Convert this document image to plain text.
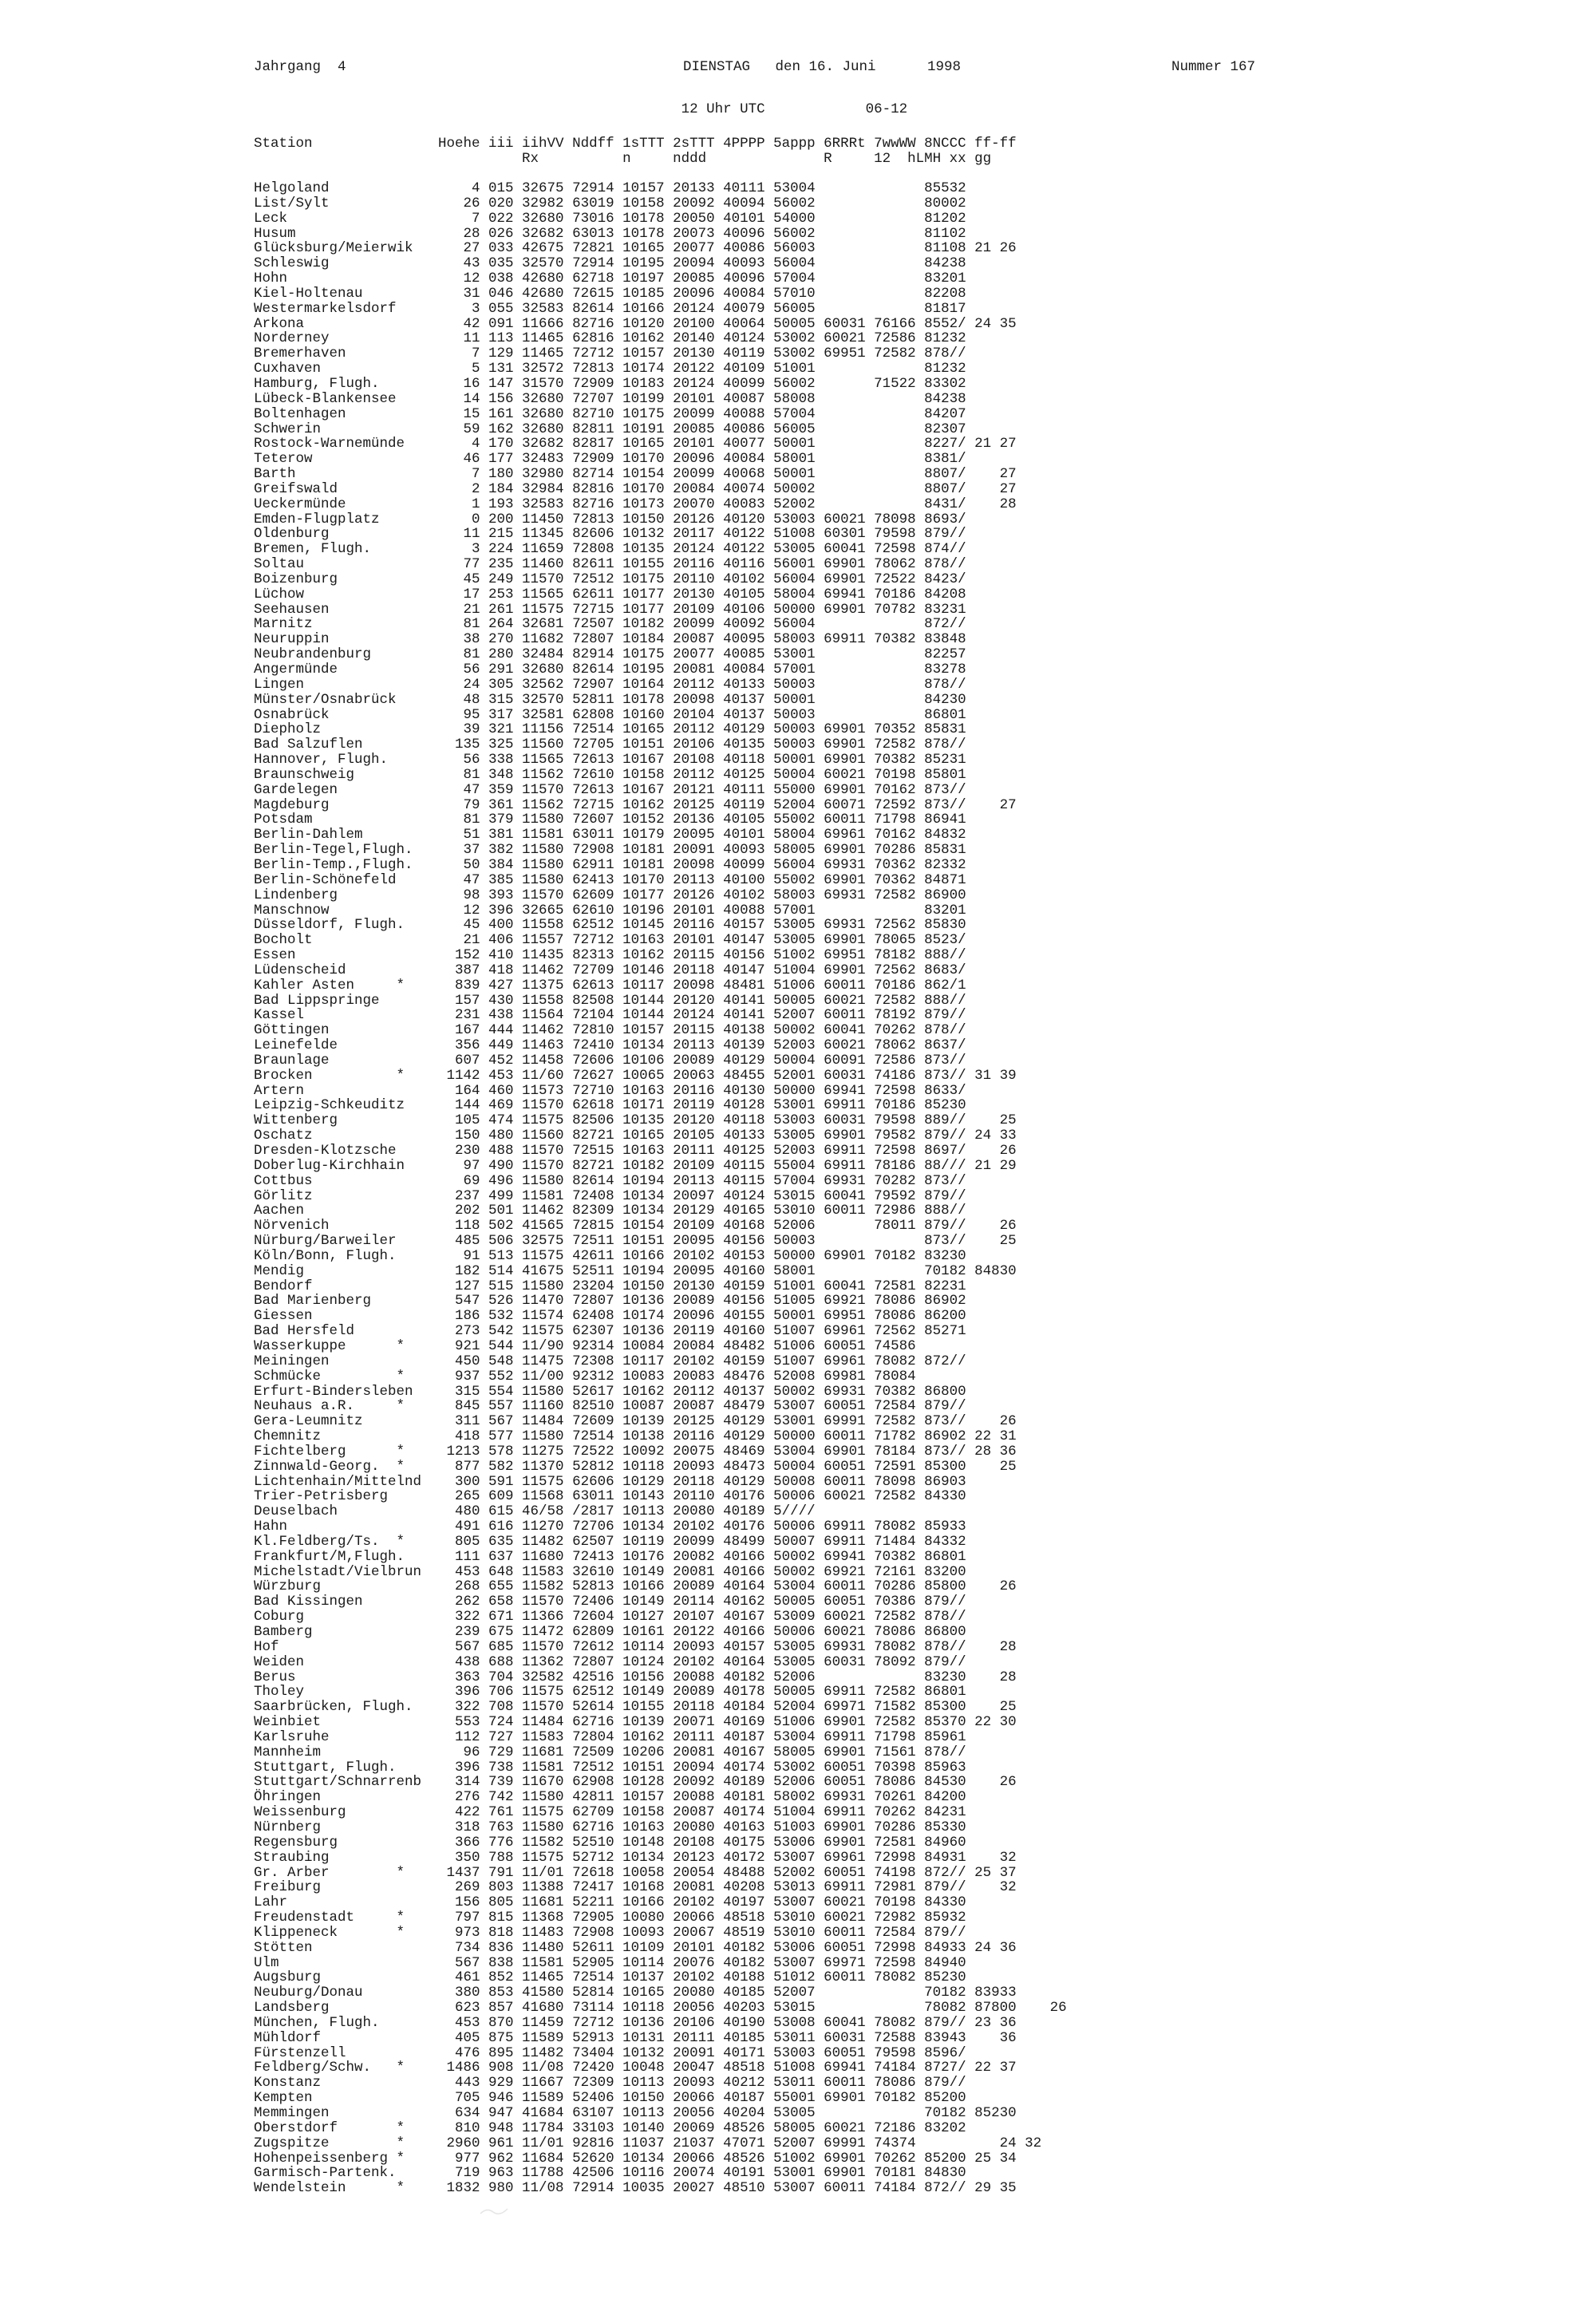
Jahrgang  4	DIENSTAG   den 16. Juni	1998	Nummer 167
12 Uhr UTC            06-12
Station               Hoehe iii iihVV Nddff 1sTTT 2sTTT 4PPPP 5appp 6RRRt 7wwWW 8NCCC ff-ff
Rx          n     nddd              R     12  hLMH xx gg
Helgoland                 4 015 32675 72914 10157 20133 40111 53004             85532
List/Sylt                26 020 32982 63019 10158 20092 40094 56002             80002
Leck                      7 022 32680 73016 10178 20050 40101 54000             81202
Husum                    28 026 32682 63013 10178 20073 40096 56002             81102
Glücksburg/Meierwik      27 033 42675 72821 10165 20077 40086 56003             81108 21 26
Schleswig                43 035 32570 72914 10195 20094 40093 56004             84238
Hohn                     12 038 42680 62718 10197 20085 40096 57004             83201
Kiel-Holtenau            31 046 42680 72615 10185 20096 40084 57010             82208
Westermarkelsdorf         3 055 32583 82614 10166 20124 40079 56005             81817
Arkona                   42 091 11666 82716 10120 20100 40064 50005 60031 76166 8552/ 24 35
Norderney                11 113 11465 62816 10162 20140 40124 53002 60021 72586 81232
Bremerhaven               7 129 11465 72712 10157 20130 40119 53002 69951 72582 878//
Cuxhaven                  5 131 32572 72813 10174 20122 40109 51001             81232
Hamburg, Flugh.          16 147 31570 72909 10183 20124 40099 56002       71522 83302
Lübeck-Blankensee        14 156 32680 72707 10199 20101 40087 58008             84238
Boltenhagen              15 161 32680 82710 10175 20099 40088 57004             84207
Schwerin                 59 162 32680 82811 10191 20085 40086 56005             82307
Rostock-Warnemünde        4 170 32682 82817 10165 20101 40077 50001             8227/ 21 27
Teterow                  46 177 32483 72909 10170 20096 40084 58001             8381/
Barth                     7 180 32980 82714 10154 20099 40068 50001             8807/    27
Greifswald                2 184 32984 82816 10170 20084 40074 50002             8807/    27
Ueckermünde               1 193 32583 82716 10173 20070 40083 52002             8431/    28
Emden-Flugplatz           0 200 11450 72813 10150 20126 40120 53003 60021 78098 8693/
Oldenburg                11 215 11345 82606 10132 20117 40122 51008 60301 79598 879//
Bremen, Flugh.            3 224 11659 72808 10135 20124 40122 53005 60041 72598 874//
Soltau                   77 235 11460 82611 10155 20116 40116 56001 69901 78062 878//
Boizenburg               45 249 11570 72512 10175 20110 40102 56004 69901 72522 8423/
Lüchow                   17 253 11565 62611 10177 20130 40105 58004 69941 70186 84208
Seehausen                21 261 11575 72715 10177 20109 40106 50000 69901 70782 83231
Marnitz                  81 264 32681 72507 10182 20099 40092 56004             872//
Neuruppin                38 270 11682 72807 10184 20087 40095 58003 69911 70382 83848
Neubrandenburg           81 280 32484 82914 10175 20077 40085 53001             82257
Angermünde               56 291 32680 82614 10195 20081 40084 57001             83278
Lingen                   24 305 32562 72907 10164 20112 40133 50003             878//
Münster/Osnabrück        48 315 32570 52811 10178 20098 40137 50001             84230
Osnabrück                95 317 32581 62808 10160 20104 40137 50003             86801
Diepholz                 39 321 11156 72514 10165 20112 40129 50003 69901 70352 85831
Bad Salzuflen           135 325 11560 72705 10151 20106 40135 50003 69901 72582 878//
Hannover, Flugh.         56 338 11565 72613 10167 20108 40118 50001 69901 70382 85231
Braunschweig             81 348 11562 72610 10158 20112 40125 50004 60021 70198 85801
Gardelegen               47 359 11570 72613 10167 20121 40111 55000 69901 70162 873//
Magdeburg                79 361 11562 72715 10162 20125 40119 52004 60071 72592 873//    27
Potsdam                  81 379 11580 72607 10152 20136 40105 55002 60011 71798 86941
Berlin-Dahlem            51 381 11581 63011 10179 20095 40101 58004 69961 70162 84832
Berlin-Tegel,Flugh.      37 382 11580 72908 10181 20091 40093 58005 69901 70286 85831
Berlin-Temp.,Flugh.      50 384 11580 62911 10181 20098 40099 56004 69931 70362 82332
Berlin-Schönefeld        47 385 11580 62413 10170 20113 40100 55002 69901 70362 84871
Lindenberg               98 393 11570 62609 10177 20126 40102 58003 69931 72582 86900
Manschnow                12 396 32665 62610 10196 20101 40088 57001             83201
Düsseldorf, Flugh.       45 400 11558 62512 10145 20116 40157 53005 69931 72562 85830
Bocholt                  21 406 11557 72712 10163 20101 40147 53005 69901 78065 8523/
Essen                   152 410 11435 82313 10162 20115 40156 51002 69951 78182 888//
Lüdenscheid             387 418 11462 72709 10146 20118 40147 51004 69901 72562 8683/
Kahler Asten     *      839 427 11375 62613 10117 20098 48481 51006 60011 70186 862/1
Bad Lippspringe         157 430 11558 82508 10144 20120 40141 50005 60021 72582 888//
Kassel                  231 438 11564 72104 10144 20124 40141 52007 60011 78192 879//
Göttingen               167 444 11462 72810 10157 20115 40138 50002 60041 70262 878//
Leinefelde              356 449 11463 72410 10134 20113 40139 52003 60021 78062 8637/
Braunlage               607 452 11458 72606 10106 20089 40129 50004 60091 72586 873//
Brocken          *     1142 453 11/60 72627 10065 20063 48455 52001 60031 74186 873// 31 39
Artern                  164 460 11573 72710 10163 20116 40130 50000 69941 72598 8633/
Leipzig-Schkeuditz      144 469 11570 62618 10171 20119 40128 53001 69911 70186 85230
Wittenberg              105 474 11575 82506 10135 20120 40118 53003 60031 79598 889//    25
Oschatz                 150 480 11560 82721 10165 20105 40133 53005 69901 79582 879// 24 33
Dresden-Klotzsche       230 488 11570 72515 10163 20111 40125 52003 69911 72598 8697/    26
Doberlug-Kirchhain       97 490 11570 82721 10182 20109 40115 55004 69911 78186 88/// 21 29
Cottbus                  69 496 11580 82614 10194 20113 40115 57004 69931 70282 873//
Görlitz                 237 499 11581 72408 10134 20097 40124 53015 60041 79592 879//
Aachen                  202 501 11462 82309 10134 20129 40165 53010 60011 72986 888//
Nörvenich               118 502 41565 72815 10154 20109 40168 52006       78011 879//    26
Nürburg/Barweiler       485 506 32575 72511 10151 20095 40156 50003             873//    25
Köln/Bonn, Flugh.        91 513 11575 42611 10166 20102 40153 50000 69901 70182 83230
Mendig                  182 514 41675 52511 10194 20095 40160 58001             70182 84830
Bendorf                 127 515 11580 23204 10150 20130 40159 51001 60041 72581 82231
Bad Marienberg          547 526 11470 72807 10136 20089 40156 51005 69921 78086 86902
Giessen                 186 532 11574 62408 10174 20096 40155 50001 69951 78086 86200
Bad Hersfeld            273 542 11575 62307 10136 20119 40160 51007 69961 72562 85271
Wasserkuppe      *      921 544 11/90 92314 10084 20084 48482 51006 60051 74586
Meiningen               450 548 11475 72308 10117 20102 40159 51007 69961 78082 872//
Schmücke         *      937 552 11/00 92312 10083 20083 48476 52008 69981 78084
Erfurt-Bindersleben     315 554 11580 52617 10162 20112 40137 50002 69931 70382 86800
Neuhaus a.R.     *      845 557 11160 82510 10087 20087 48479 53007 60051 72584 879//
Gera-Leumnitz           311 567 11484 72609 10139 20125 40129 53001 69991 72582 873//    26
Chemnitz                418 577 11580 72514 10138 20116 40129 50000 60011 71782 86902 22 31
Fichtelberg      *     1213 578 11275 72522 10092 20075 48469 53004 69901 78184 873// 28 36
Zinnwald-Georg.  *      877 582 11370 52812 10118 20093 48473 50004 60051 72591 85300    25
Lichtenhain/Mittelnd    300 591 11575 62606 10129 20118 40129 50008 60011 78098 86903
Trier-Petrisberg        265 609 11568 63011 10143 20110 40176 50006 60021 72582 84330
Deuselbach              480 615 46/58 /2817 10113 20080 40189 5////
Hahn                    491 616 11270 72706 10134 20102 40176 50006 69911 78082 85933
Kl.Feldberg/Ts.  *      805 635 11482 62507 10119 20099 48499 50007 69911 71484 84332
Frankfurt/M,Flugh.      111 637 11680 72413 10176 20082 40166 50002 69941 70382 86801
Michelstadt/Vielbrun    453 648 11583 32610 10149 20081 40166 50002 69921 72161 83200
Würzburg                268 655 11582 52813 10166 20089 40164 53004 60011 70286 85800    26
Bad Kissingen           262 658 11570 72406 10149 20114 40162 50005 60051 70386 879//
Coburg                  322 671 11366 72604 10127 20107 40167 53009 60021 72582 878//
Bamberg                 239 675 11472 62809 10161 20122 40166 50006 60021 78086 86800
Hof                     567 685 11570 72612 10114 20093 40157 53005 69931 78082 878//    28
Weiden                  438 688 11362 72807 10124 20102 40164 53005 60031 78092 879//
Berus                   363 704 32582 42516 10156 20088 40182 52006             83230    28
Tholey                  396 706 11575 62512 10149 20089 40178 50005 69911 72582 86801
Saarbrücken, Flugh.     322 708 11570 52614 10155 20118 40184 52004 69971 71582 85300    25
Weinbiet                553 724 11484 62716 10139 20071 40169 51006 69901 72582 85370 22 30
Karlsruhe               112 727 11583 72804 10162 20111 40187 53004 69911 71798 85961
Mannheim                 96 729 11681 72509 10206 20081 40167 58005 69901 71561 878//
Stuttgart, Flugh.       396 738 11581 72512 10151 20094 40174 53002 60051 70398 85963
Stuttgart/Schnarrenb    314 739 11670 62908 10128 20092 40189 52006 60051 78086 84530    26
Öhringen                276 742 11580 42811 10157 20088 40181 58002 69931 70261 84200
Weissenburg             422 761 11575 62709 10158 20087 40174 51004 69911 70262 84231
Nürnberg                318 763 11580 62716 10163 20080 40163 51003 69901 70286 85330
Regensburg              366 776 11582 52510 10148 20108 40175 53006 69901 72581 84960
Straubing               350 788 11575 52712 10134 20123 40172 53007 69961 72998 84931    32
Gr. Arber        *     1437 791 11/01 72618 10058 20054 48488 52002 60051 74198 872// 25 37
Freiburg                269 803 11388 72417 10168 20081 40208 53013 69911 72981 879//    32
Lahr                    156 805 11681 52211 10166 20102 40197 53007 60021 70198 84330
Freudenstadt     *      797 815 11368 72905 10080 20066 48518 53010 60021 72982 85932
Klippeneck       *      973 818 11483 72908 10093 20067 48519 53010 60011 72584 879//
Stötten                 734 836 11480 52611 10109 20101 40182 53006 60051 72998 84933 24 36
Ulm                     567 838 11581 52905 10114 20076 40182 53007 69971 72598 84940
Augsburg                461 852 11465 72514 10137 20102 40188 51012 60011 78082 85230
Neuburg/Donau           380 853 41580 52814 10165 20080 40185 52007             70182 83933
Landsberg               623 857 41680 73114 10118 20056 40203 53015             78082 87800    26
München, Flugh.         453 870 11459 72712 10136 20106 40190 53008 60041 78082 879// 23 36
Mühldorf                405 875 11589 52913 10131 20111 40185 53011 60031 72588 83943    36
Fürstenzell             476 895 11482 73404 10132 20091 40171 53003 60051 79598 8596/
Feldberg/Schw.   *     1486 908 11/08 72420 10048 20047 48518 51008 69941 74184 8727/ 22 37
Konstanz                443 929 11667 72309 10113 20093 40212 53011 60011 78086 879//
Kempten                 705 946 11589 52406 10150 20066 40187 55001 69901 70182 85200
Memmingen               634 947 41684 63107 10113 20056 40204 53005             70182 85230
Oberstdorf       *      810 948 11784 33103 10140 20069 48526 58005 60021 72186 83202
Zugspitze        *     2960 961 11/01 92816 11037 21037 47071 52007 69991 74374          24 32
Hohenpeissenberg *      977 962 11684 52620 10134 20066 48526 51002 69901 70262 85200 25 34
Garmisch-Partenk.       719 963 11788 42506 10116 20074 40191 53001 69901 70181 84830
Wendelstein      *     1832 980 11/08 72914 10035 20027 48510 53007 60011 74184 872// 29 35
